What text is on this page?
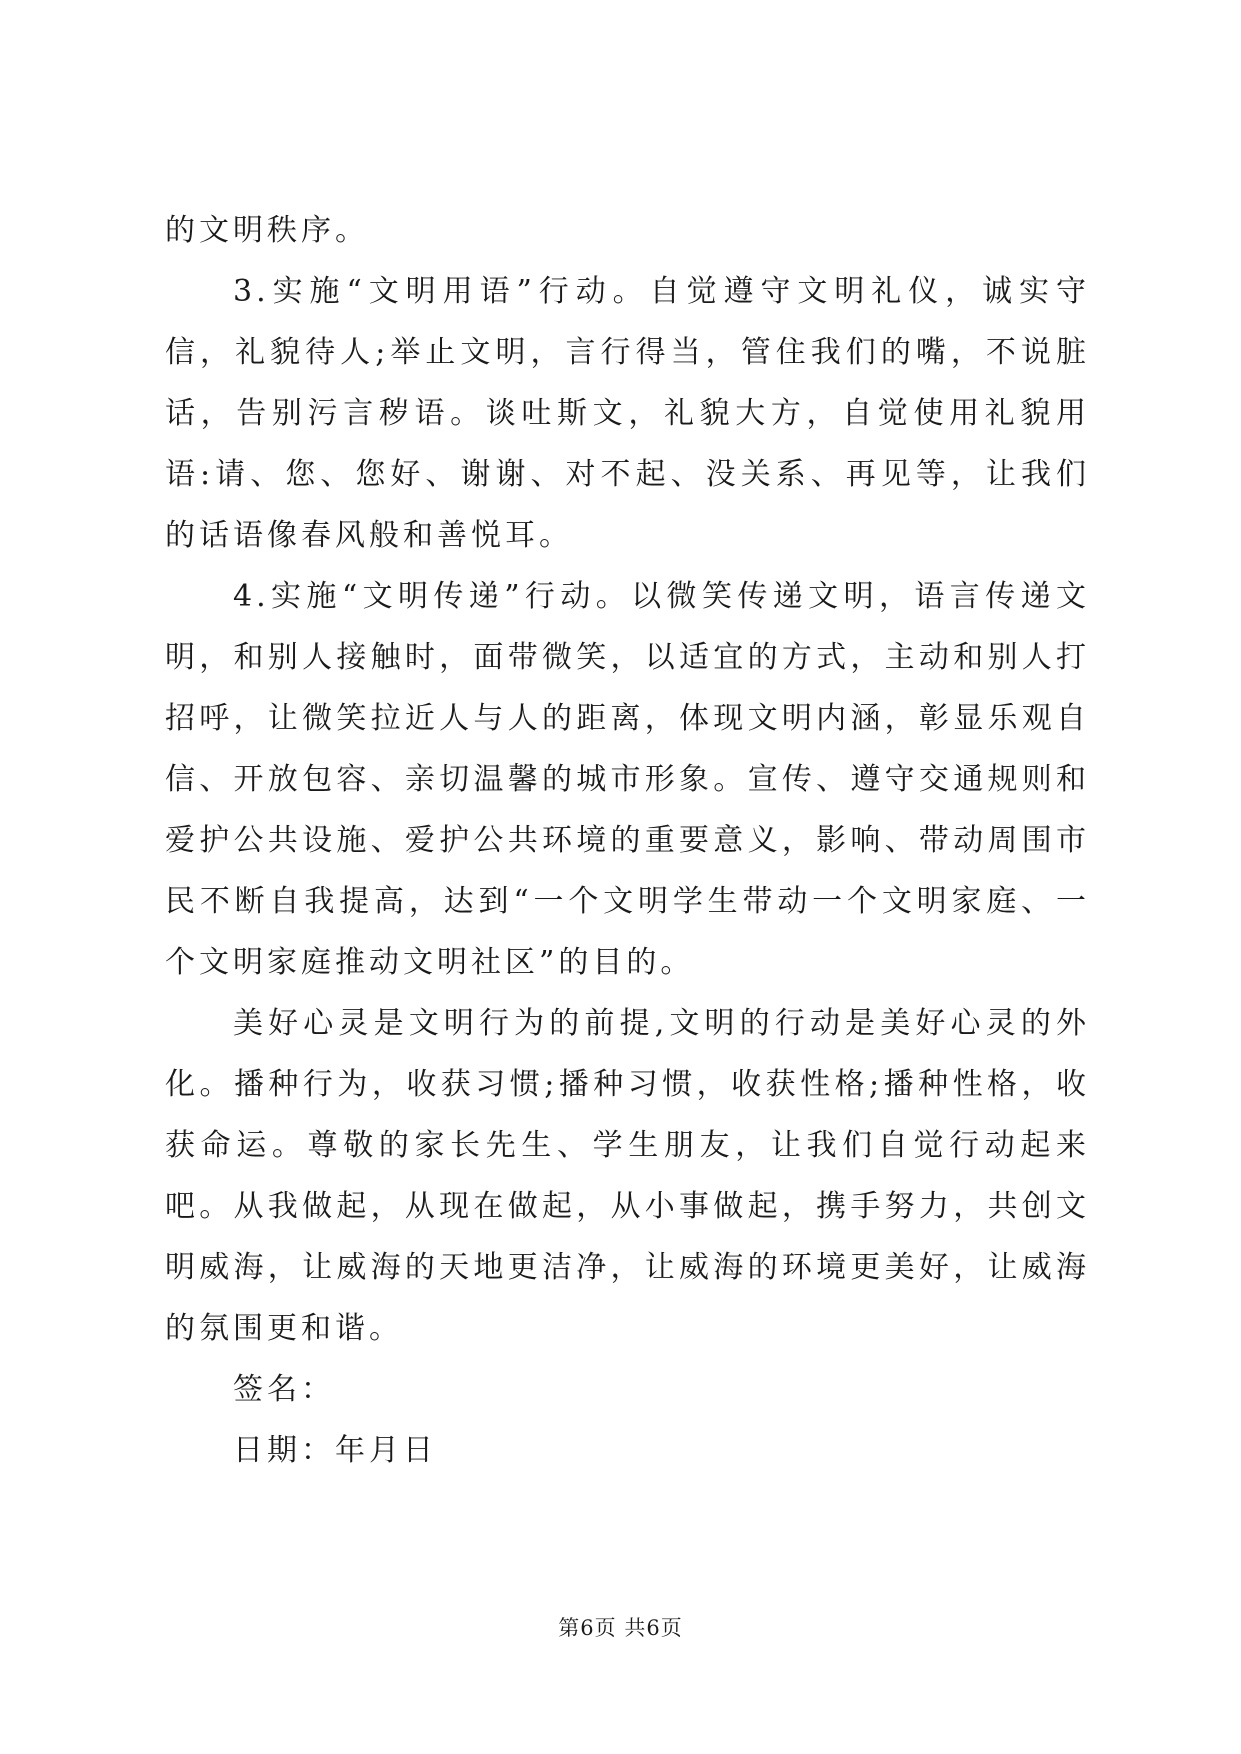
的文明秩序。

3.实施“文明用语”行动。自觉遵守文明礼仪，诚实守信，礼貌待人;举止文明，言行得当，管住我们的嘴，不说脏话，告别污言秽语。谈吐斯文，礼貌大方，自觉使用礼貌用语:请、您、您好、谢谢、对不起、没关系、再见等，让我们的话语像春风般和善悦耳。

4.实施“文明传递”行动。以微笑传递文明，语言传递文明，和别人接触时，面带微笑，以适宜的方式，主动和别人打招呼，让微笑拉近人与人的距离，体现文明内涵，彰显乐观自信、开放包容、亲切温馨的城市形象。宣传、遵守交通规则和爱护公共设施、爱护公共环境的重要意义，影响、带动周围市民不断自我提高，达到“一个文明学生带动一个文明家庭、一个文明家庭推动文明社区”的目的。

美好心灵是文明行为的前提,文明的行动是美好心灵的外化。播种行为，收获习惯;播种习惯，收获性格;播种性格，收获命运。尊敬的家长先生、学生朋友，让我们自觉行动起来吧。从我做起，从现在做起，从小事做起，携手努力，共创文明威海，让威海的天地更洁净，让威海的环境更美好，让威海的氛围更和谐。

签名：

日期：年月日

第6页 共6页
